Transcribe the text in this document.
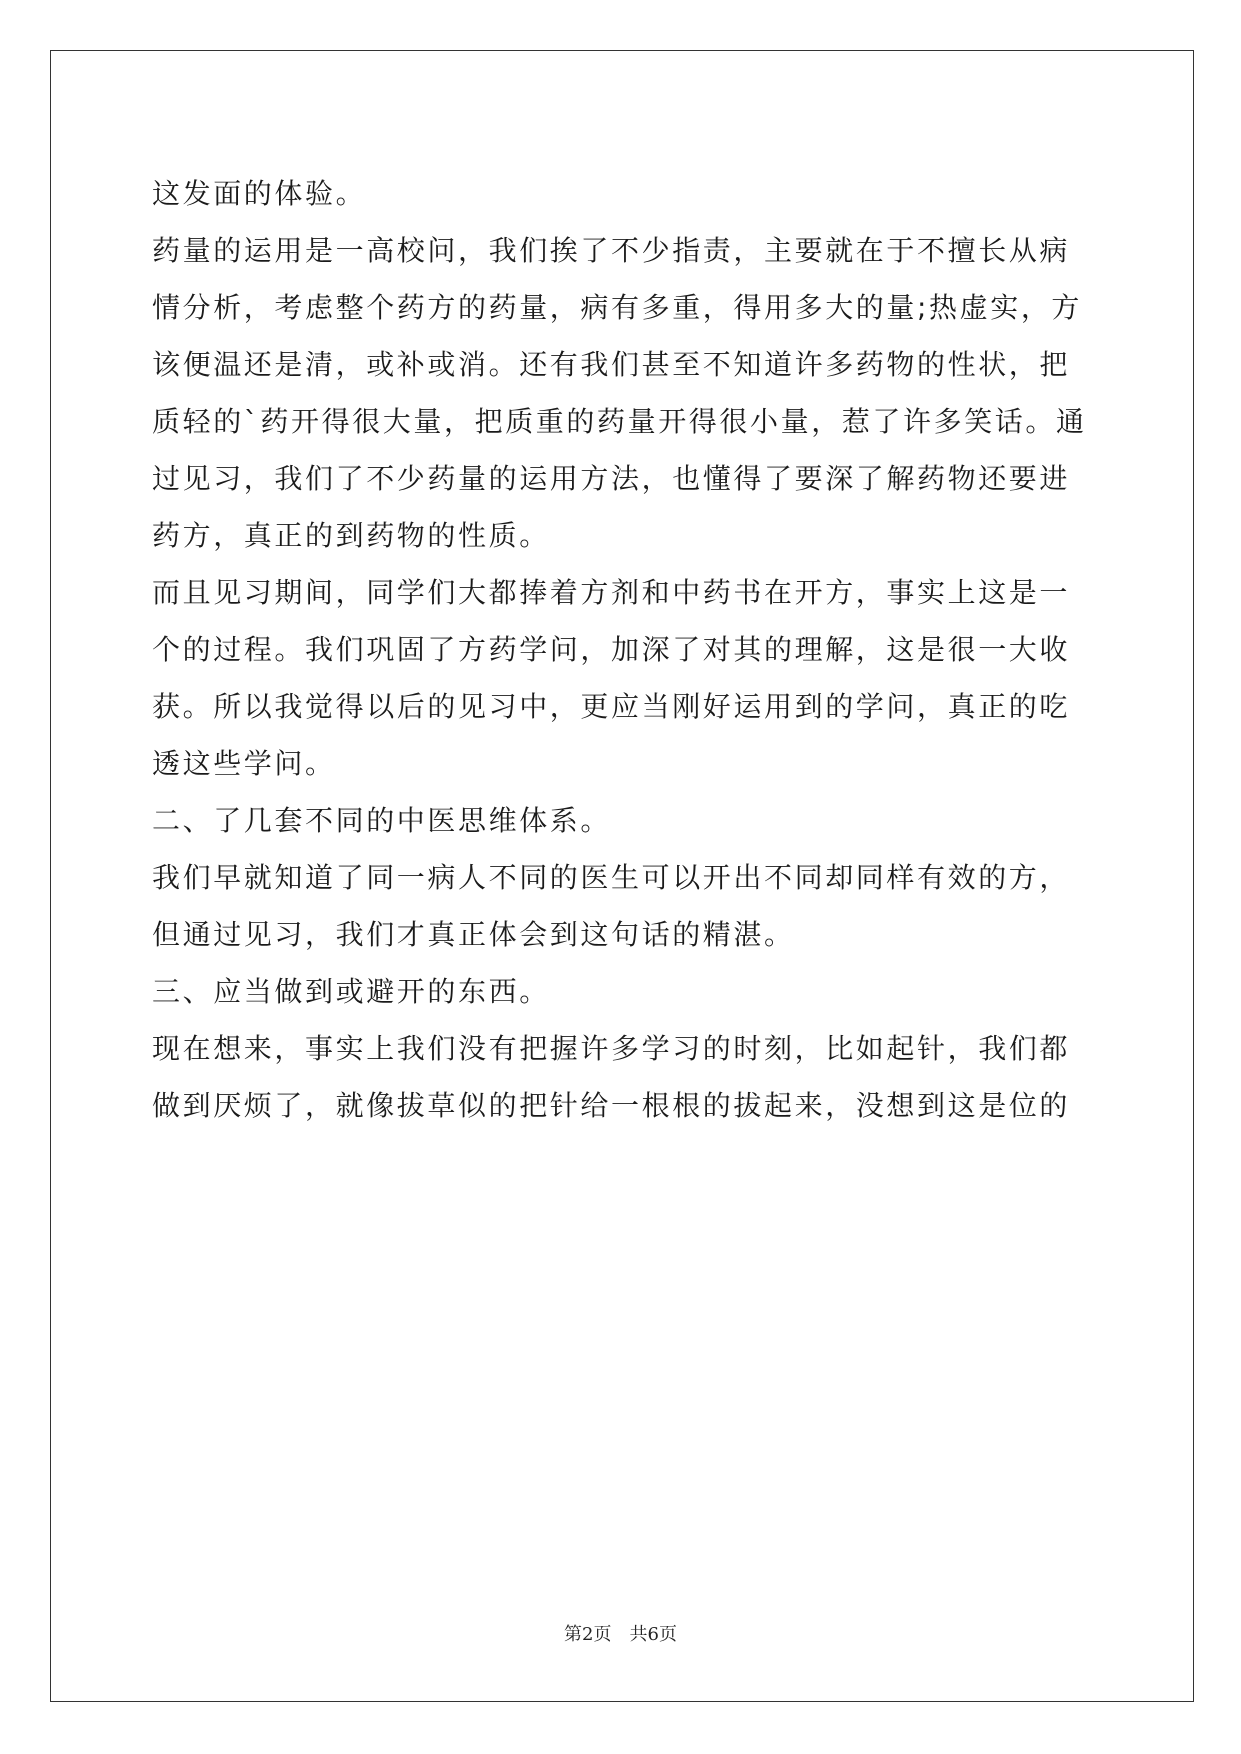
这发面的体验。
药量的运用是一高校问，我们挨了不少指责，主要就在于不擅长从病
情分析，考虑整个药方的药量，病有多重，得用多大的量;热虚实，方
该便温还是清，或补或消。还有我们甚至不知道许多药物的性状，把
质轻的`药开得很大量，把质重的药量开得很小量，惹了许多笑话。通
过见习，我们了不少药量的运用方法，也懂得了要深了解药物还要进
药方，真正的到药物的性质。
而且见习期间，同学们大都捧着方剂和中药书在开方，事实上这是一
个的过程。我们巩固了方药学问，加深了对其的理解，这是很一大收
获。所以我觉得以后的见习中，更应当刚好运用到的学问，真正的吃
透这些学问。
二、了几套不同的中医思维体系。
我们早就知道了同一病人不同的医生可以开出不同却同样有效的方，
但通过见习，我们才真正体会到这句话的精湛。
三、应当做到或避开的东西。
现在想来，事实上我们没有把握许多学习的时刻，比如起针，我们都
做到厌烦了，就像拔草似的把针给一根根的拔起来，没想到这是位的
第2页 共6页
